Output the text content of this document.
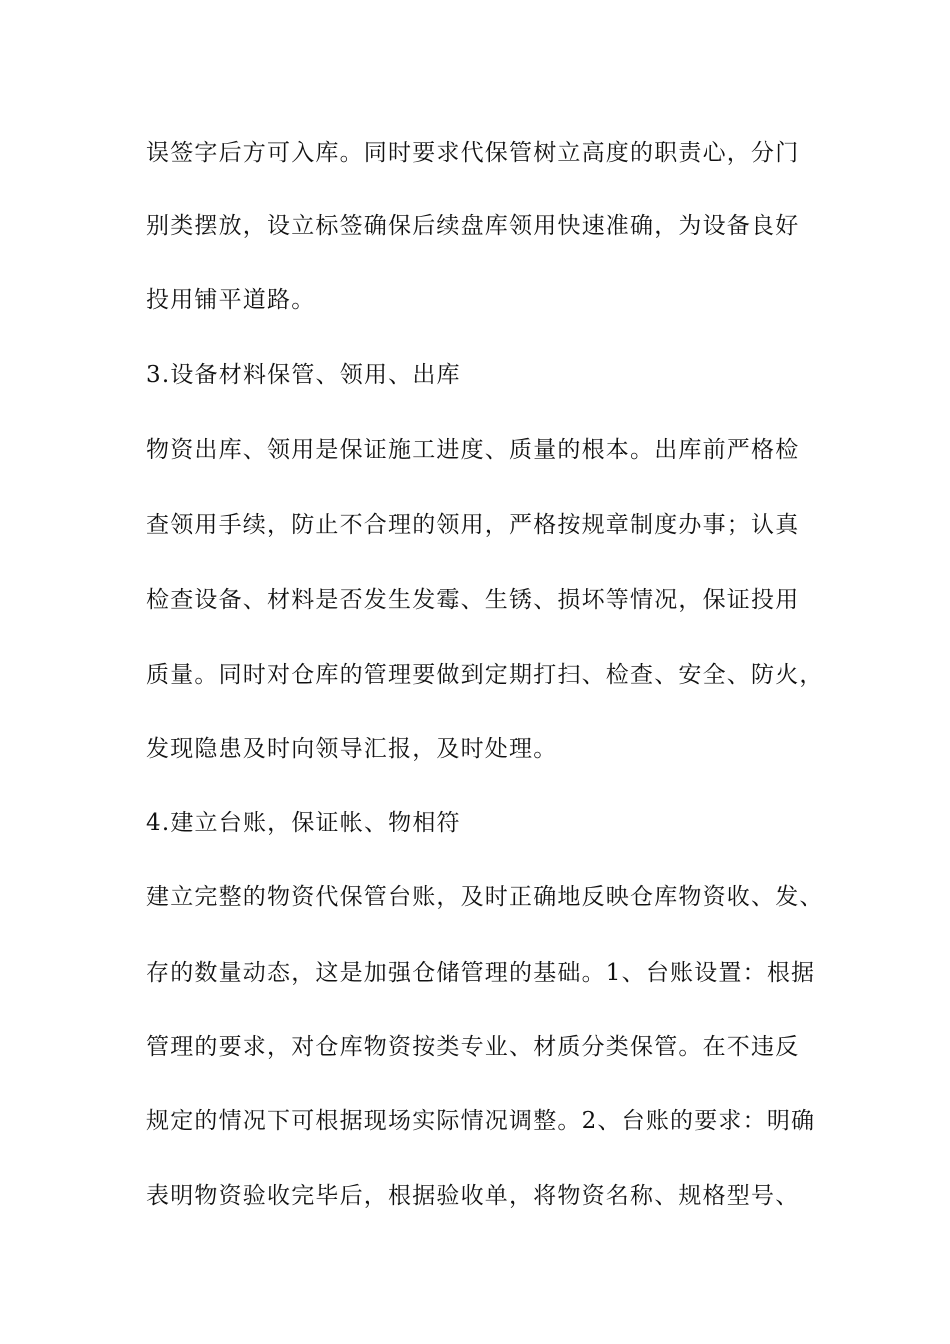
误签字后方可入库。同时要求代保管树立高度的职责心，分门
别类摆放，设立标签确保后续盘库领用快速准确，为设备良好
投用铺平道路。
3.设备材料保管、领用、出库
物资出库、领用是保证施工进度、质量的根本。出库前严格检
查领用手续，防止不合理的领用，严格按规章制度办事；认真
检查设备、材料是否发生发霉、生锈、损坏等情况，保证投用
质量。同时对仓库的管理要做到定期打扫、检查、安全、防火，
发现隐患及时向领导汇报，及时处理。
4.建立台账，保证帐、物相符
建立完整的物资代保管台账，及时正确地反映仓库物资收、发、
存的数量动态，这是加强仓储管理的基础。1、台账设置：根据
管理的要求，对仓库物资按类专业、材质分类保管。在不违反
规定的情况下可根据现场实际情况调整。2、台账的要求：明确
表明物资验收完毕后，根据验收单，将物资名称、规格型号、
